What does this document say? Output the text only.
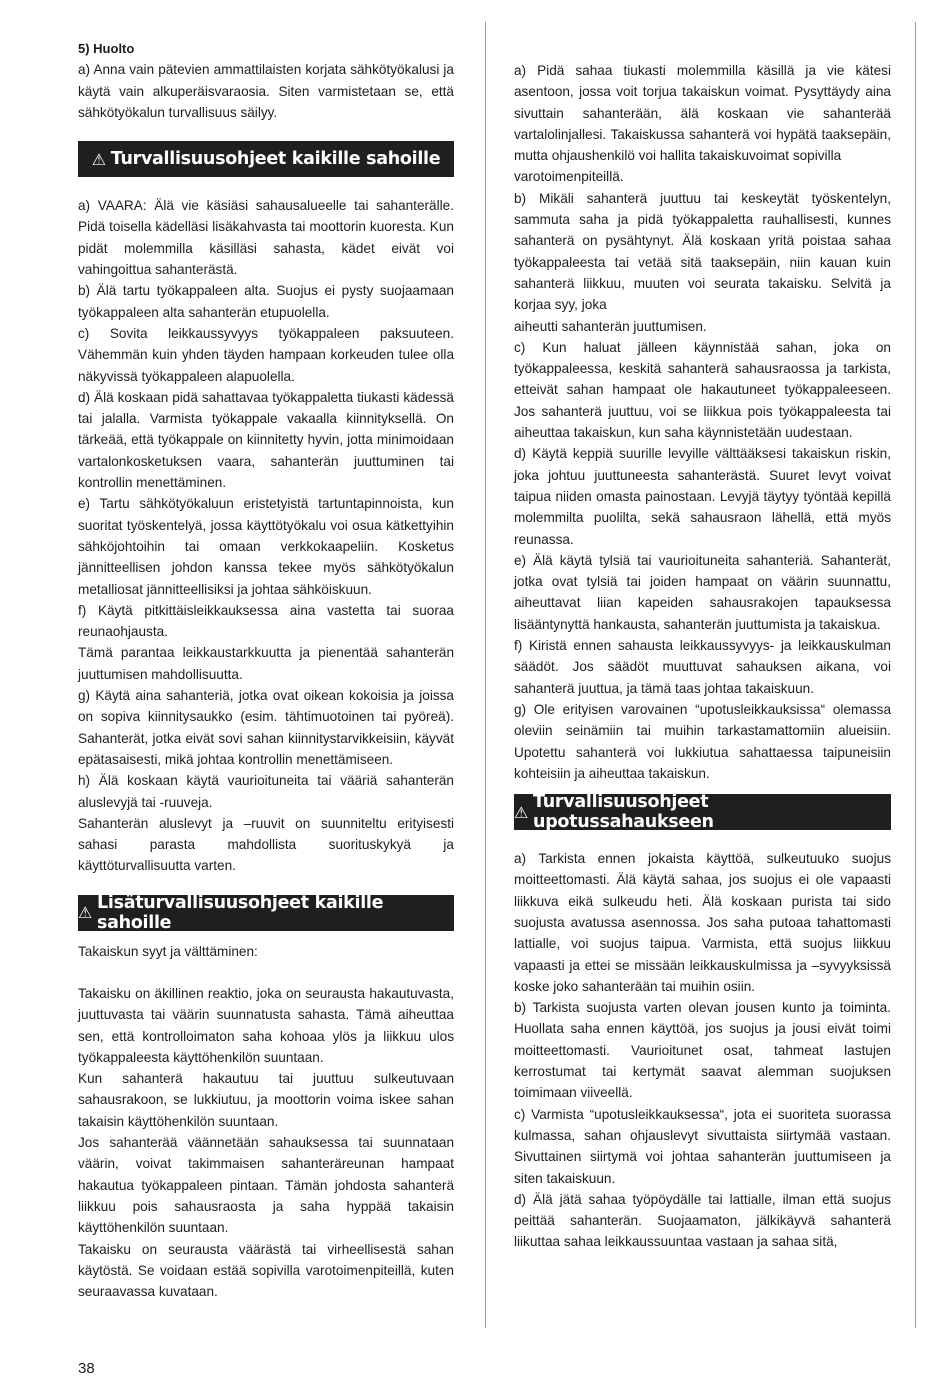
5) Huolto

a) Anna vain pätevien ammattilaisten korjata sähkötyökalusi ja käytä vain alkuperäisvaraosia. Siten varmistetaan se, että sähkötyökalun turvallisuus säilyy.

⚠ Turvallisuusohjeet kaikille sahoille

a) VAARA: Älä vie käsiäsi sahausalueelle tai sahanterälle. Pidä toisella kädelläsi lisäkahvasta tai moottorin kuoresta. Kun pidät molemmilla käsilläsi sahasta, kädet eivät voi vahingoittua sahanterästä.

b) Älä tartu työkappaleen alta. Suojus ei pysty suojaamaan työkappaleen alta sahanterän etupuolella.

c) Sovita leikkaussyvyys työkappaleen paksuuteen. Vähemmän kuin yhden täyden hampaan korkeuden tulee olla näkyvissä työkappaleen alapuolella.

d) Älä koskaan pidä sahattavaa työkappaletta tiukasti kädessä tai jalalla. Varmista työkappale vakaalla kiinnityksellä. On tärkeää, että työkappale on kiinnitetty hyvin, jotta minimoidaan vartalonkosketuksen vaara, sahanterän juuttuminen tai kontrollin menettäminen.

e) Tartu sähkötyökaluun eristetyistä tartuntapinnoista, kun suoritat työskentelyä, jossa käyttötyökalu voi osua kätkettyihin sähköjohtoihin tai omaan verkkokaapeliin. Kosketus jännitteellisen johdon kanssa tekee myös sähkötyökalun metalliosat jännitteellisiksi ja johtaa sähköiskuun.

f) Käytä pitkittäisleikkauksessa aina vastetta tai suoraa reunaohjausta.

Tämä parantaa leikkaustarkkuutta ja pienentää sahanterän juuttumisen mahdollisuutta.

g) Käytä aina sahanteriä, jotka ovat oikean kokoisia ja joissa on sopiva kiinnitysaukko (esim. tähtimuotoinen tai pyöreä). Sahanterät, jotka eivät sovi sahan kiinnitystarvikkeisiin, käyvät epätasaisesti, mikä johtaa kontrollin menettämiseen.

h) Älä koskaan käytä vaurioituneita tai vääriä sahanterän aluslevyjä tai -ruuveja.

Sahanterän aluslevyt ja –ruuvit on suunniteltu erityisesti sahasi parasta mahdollista suorituskykyä ja käyttöturvallisuutta varten.

⚠ Lisäturvallisuusohjeet kaikille sahoille

Takaiskun syyt ja välttäminen:

Takaisku on äkillinen reaktio, joka on seurausta hakautuvasta, juuttuvasta tai väärin suunnatusta sahasta. Tämä aiheuttaa sen, että kontrolloimaton saha kohoaa ylös ja liikkuu ulos työkappaleesta käyttöhenkilön suuntaan.

Kun sahanterä hakautuu tai juuttuu sulkeutuvaan sahausrakoon, se lukkiutuu, ja moottorin voima iskee sahan takaisin käyttöhenkilön suuntaan.

Jos sahanterää väännetään sahauksessa tai suunnataan väärin, voivat takimmaisen sahanteräreunan hampaat hakautua työkappaleen pintaan. Tämän johdosta sahanterä liikkuu pois sahausraosta ja saha hyppää takaisin käyttöhenkilön suuntaan.

Takaisku on seurausta väärästä tai virheellisestä sahan käytöstä. Se voidaan estää sopivilla varotoimenpiteillä, kuten seuraavassa kuvataan.

a) Pidä sahaa tiukasti molemmilla käsillä ja vie kätesi asentoon, jossa voit torjua takaiskun voimat. Pysyttäydy aina sivuttain sahanterään, älä koskaan vie sahanterää vartalolinjallesi. Takaiskussa sahanterä voi hypätä taaksepäin, mutta ohjaushenkilö voi hallita takaiskuvoimat sopivilla

varotoimenpiteillä.

b) Mikäli sahanterä juuttuu tai keskeytät työskentelyn, sammuta saha ja pidä työkappaletta rauhallisesti, kunnes sahanterä on pysähtynyt. Älä koskaan yritä poistaa sahaa työkappaleesta tai vetää sitä taaksepäin, niin kauan kuin sahanterä liikkuu, muuten voi seurata takaisku. Selvitä ja korjaa syy, joka

aiheutti sahanterän juuttumisen.

c) Kun haluat jälleen käynnistää sahan, joka on työkappaleessa, keskitä sahanterä sahausraossa ja tarkista, etteivät sahan hampaat ole hakautuneet työkappaleeseen. Jos sahanterä juuttuu, voi se liikkua pois työkappaleesta tai aiheuttaa takaiskun, kun saha käynnistetään uudestaan.

d) Käytä keppiä suurille levyille välttääksesi takaiskun riskin, joka johtuu juuttuneesta sahanterästä. Suuret levyt voivat taipua niiden omasta painostaan. Levyjä täytyy työntää kepillä molemmilta puolilta, sekä sahausraon lähellä, että myös reunassa.

e) Älä käytä tylsiä tai vaurioituneita sahanteriä. Sahanterät, jotka ovat tylsiä tai joiden hampaat on väärin suunnattu, aiheuttavat liian kapeiden sahausrakojen tapauksessa lisääntynyttä hankausta, sahanterän juuttumista ja takaiskua.

f) Kiristä ennen sahausta leikkaussyvyys- ja leikkauskulman säädöt. Jos säädöt muuttuvat sahauksen aikana, voi sahanterä juuttua, ja tämä taas johtaa takaiskuun.

g) Ole erityisen varovainen “upotusleikkauksissa“ olemassa oleviin seinämiin tai muihin tarkastamattomiin alueisiin. Upotettu sahanterä voi lukkiutua sahattaessa taipuneisiin kohteisiin ja aiheuttaa takaiskun.

⚠ Turvallisuusohjeet upotussahaukseen

a) Tarkista ennen jokaista käyttöä, sulkeutuuko suojus moitteettomasti. Älä käytä sahaa, jos suojus ei ole vapaasti liikkuva eikä sulkeudu heti. Älä koskaan purista tai sido suojusta avatussa asennossa. Jos saha putoaa tahattomasti lattialle, voi suojus taipua. Varmista, että suojus liikkuu vapaasti ja ettei se missään leikkauskulmissa ja –syvyyksissä koske joko sahanterään tai muihin osiin.

b) Tarkista suojusta varten olevan jousen kunto ja toiminta. Huollata saha ennen käyttöä, jos suojus ja jousi eivät toimi moitteettomasti. Vaurioitunet osat, tahmeat lastujen kerrostumat tai kertymät saavat alemman suojuksen toimimaan viiveellä.

c) Varmista “upotusleikkauksessa“, jota ei suoriteta suorassa kulmassa, sahan ohjauslevyt sivuttaista siirtymää vastaan. Sivuttainen siirtymä voi johtaa sahanterän juuttumiseen ja siten takaiskuun.

d) Älä jätä sahaa työpöydälle tai lattialle, ilman että suojus peittää sahanterän. Suojaamaton, jälkikäyvä sahanterä liikuttaa sahaa leikkaussuuntaa vastaan ja sahaa sitä,

38
